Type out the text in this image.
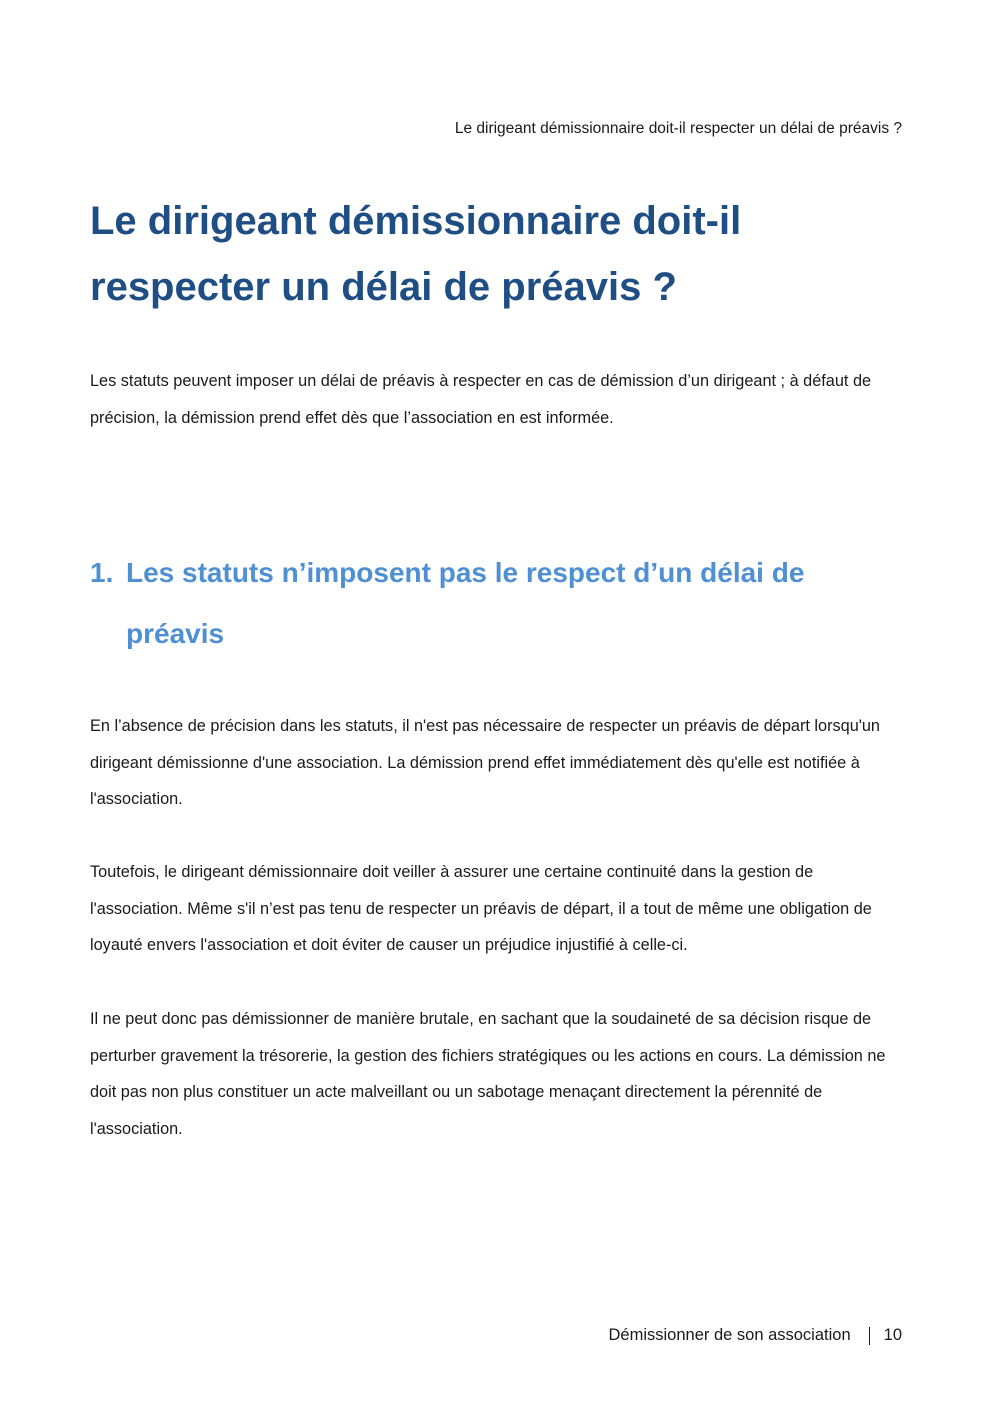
Le dirigeant démissionnaire doit-il respecter un délai de préavis ?
Le dirigeant démissionnaire doit-il respecter un délai de préavis ?

Les statuts peuvent imposer un délai de préavis à respecter en cas de démission d’un dirigeant ; à défaut de précision, la démission prend effet dès que l’association en est informée.

1. Les statuts n’imposent pas le respect d’un délai de préavis

En l’absence de précision dans les statuts, il n'est pas nécessaire de respecter un préavis de départ lorsqu'un dirigeant démissionne d'une association. La démission prend effet immédiatement dès qu'elle est notifiée à l'association.

Toutefois, le dirigeant démissionnaire doit veiller à assurer une certaine continuité dans la gestion de l'association. Même s'il n’est pas tenu de respecter un préavis de départ, il a tout de même une obligation de loyauté envers l'association et doit éviter de causer un préjudice injustifié à celle-ci.

Il ne peut donc pas démissionner de manière brutale, en sachant que la soudaineté de sa décision risque de perturber gravement la trésorerie, la gestion des fichiers stratégiques ou les actions en cours. La démission ne doit pas non plus constituer un acte malveillant ou un sabotage menaçant directement la pérennité de l'association.

Démissionner de son association 10
